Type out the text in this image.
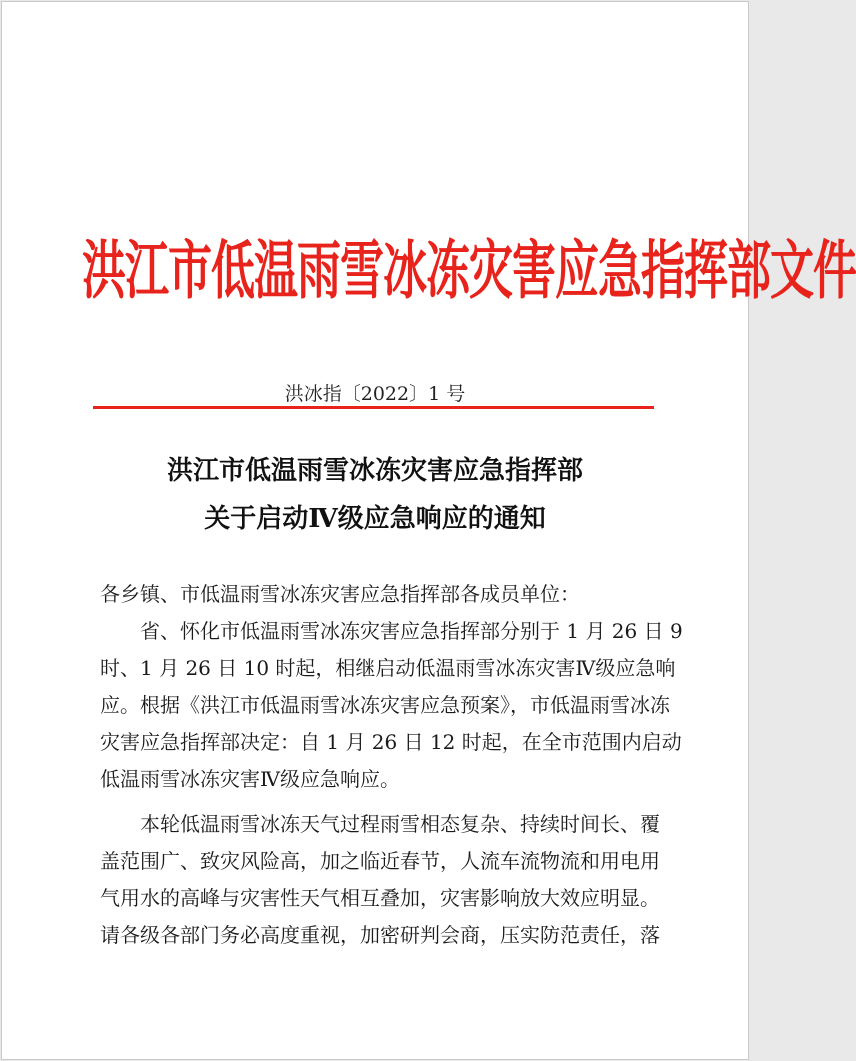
洪江市低温雨雪冰冻灾害应急指挥部文件
洪冰指〔2022〕1 号
洪江市低温雨雪冰冻灾害应急指挥部
关于启动Ⅳ级应急响应的通知
各乡镇、市低温雨雪冰冻灾害应急指挥部各成员单位：
省、怀化市低温雨雪冰冻灾害应急指挥部分别于 1 月 26 日 9
时、1 月 26 日 10 时起，相继启动低温雨雪冰冻灾害Ⅳ级应急响
应。根据《洪江市低温雨雪冰冻灾害应急预案》，市低温雨雪冰冻
灾害应急指挥部决定：自 1 月 26 日 12 时起，在全市范围内启动
低温雨雪冰冻灾害Ⅳ级应急响应。
本轮低温雨雪冰冻天气过程雨雪相态复杂、持续时间长、覆
盖范围广、致灾风险高，加之临近春节，人流车流物流和用电用
气用水的高峰与灾害性天气相互叠加，灾害影响放大效应明显。
请各级各部门务必高度重视，加密研判会商，压实防范责任，落
